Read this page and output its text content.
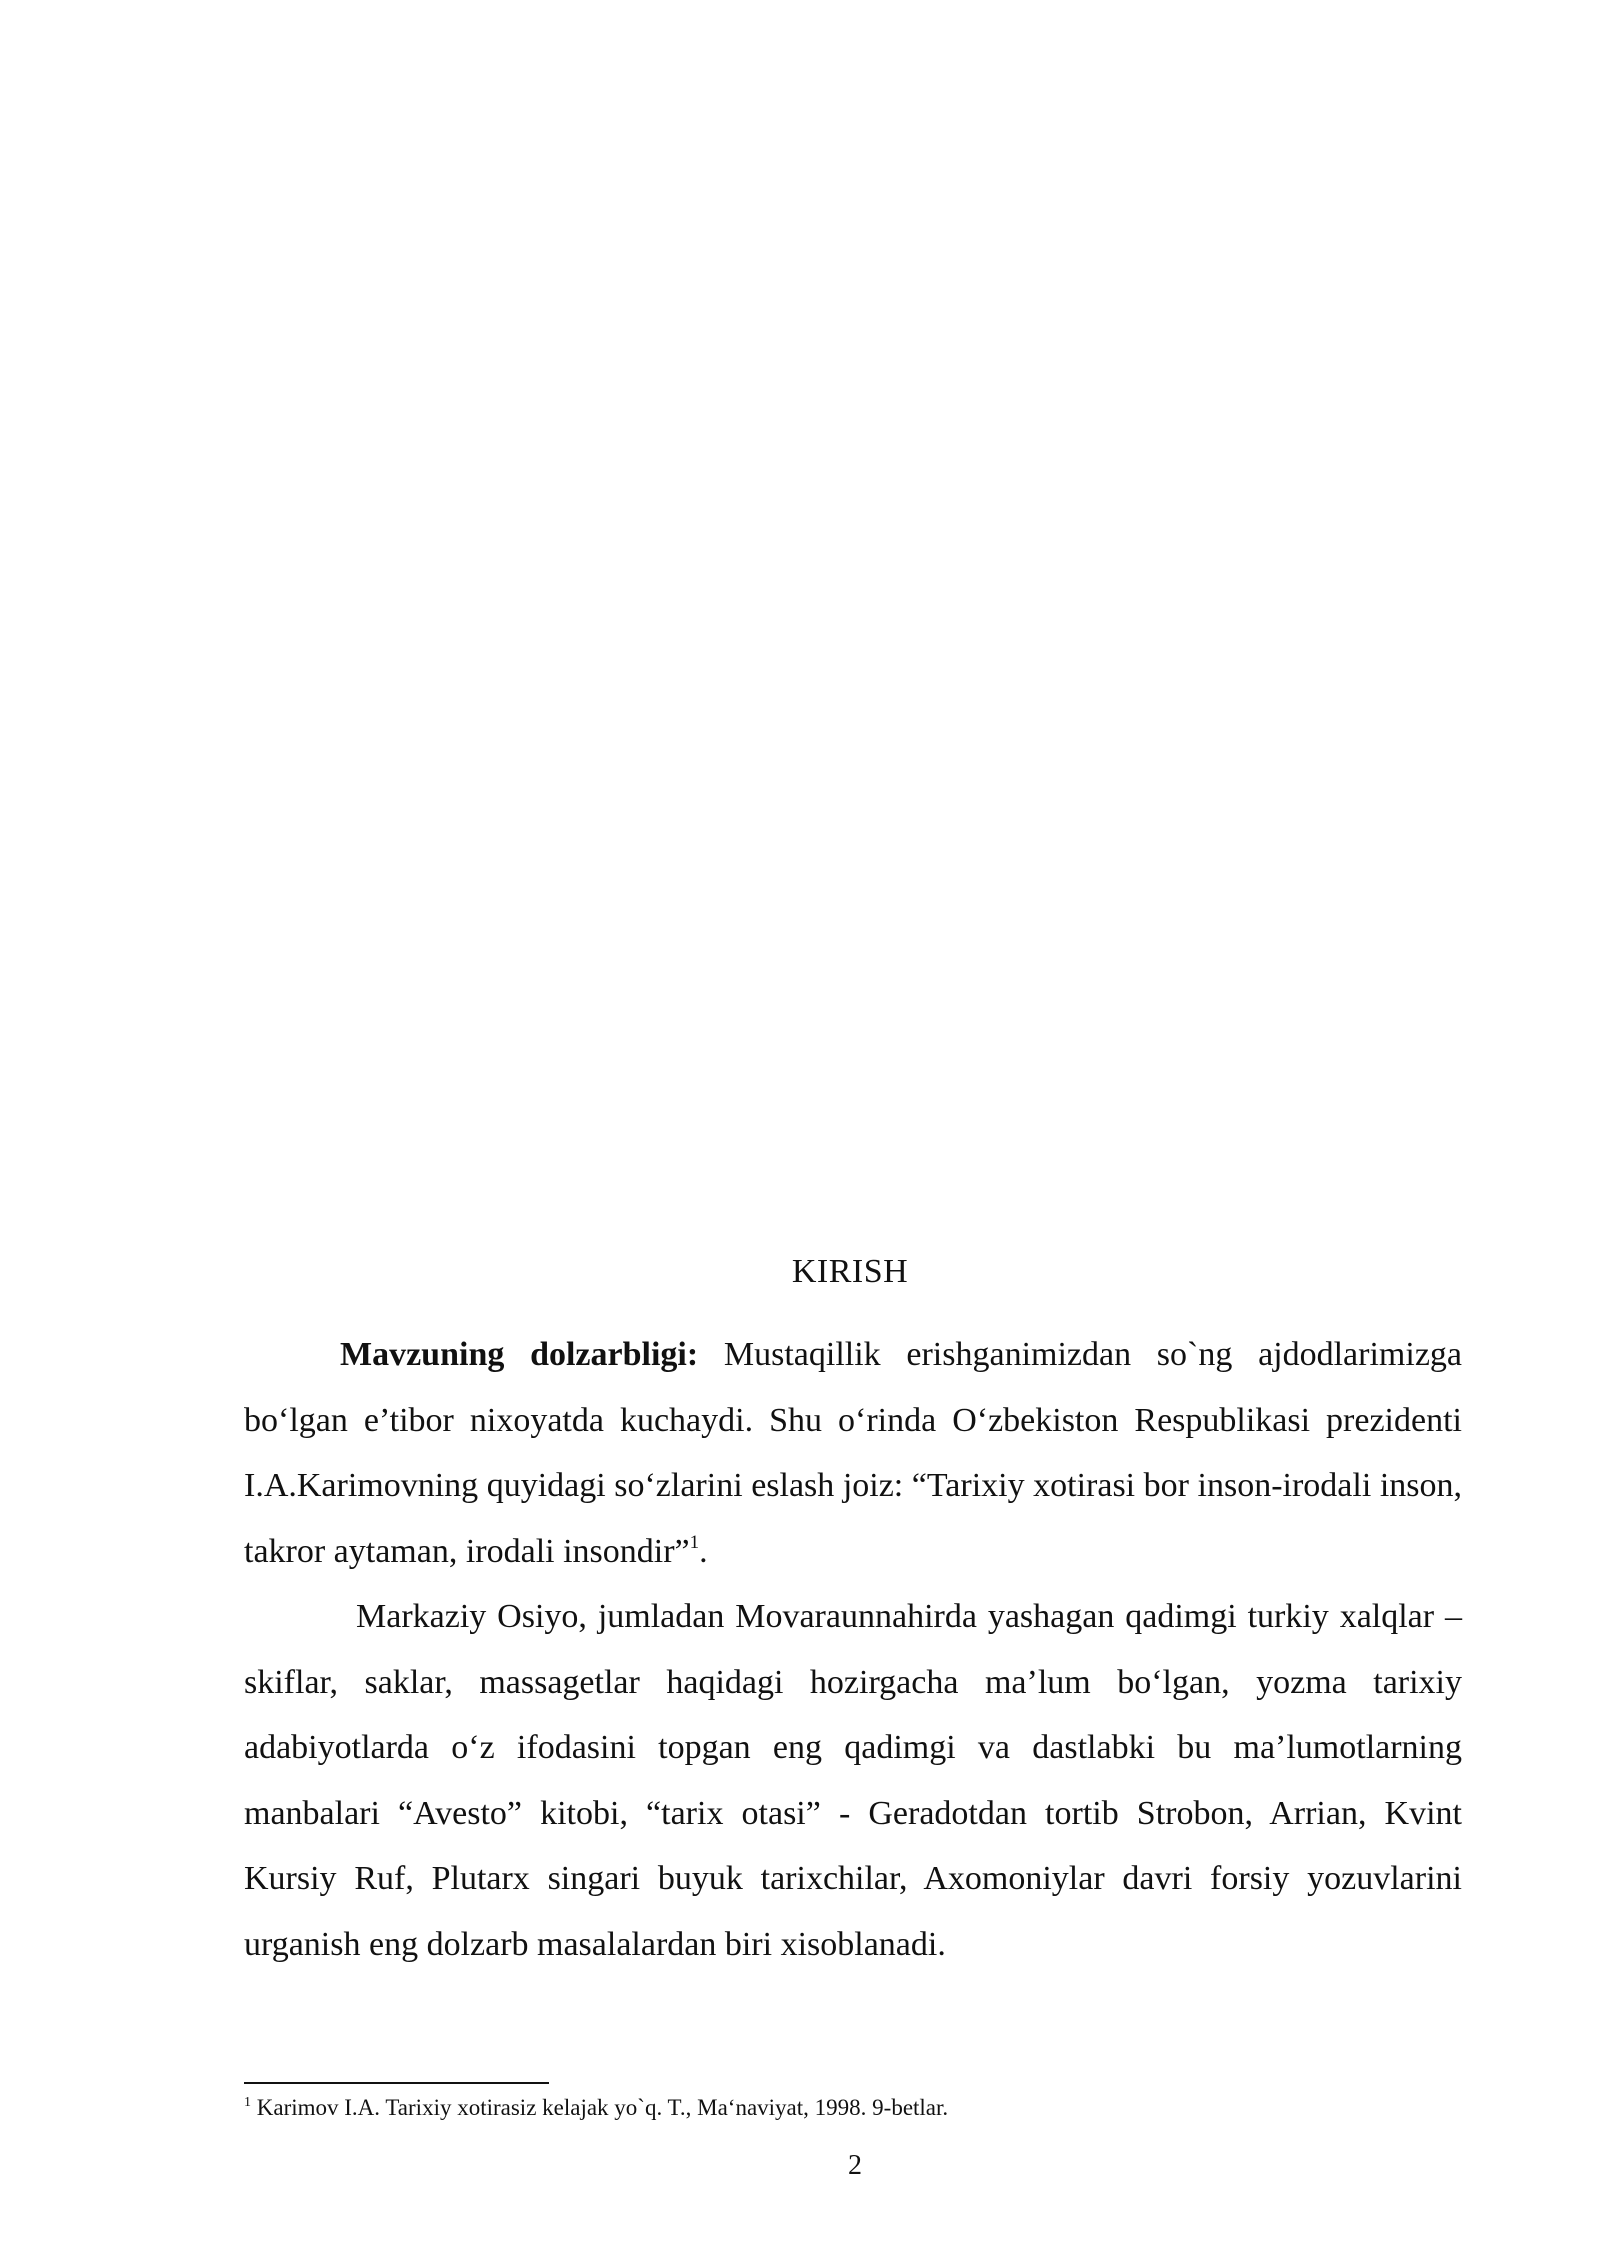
KIRISH

Mavzuning dolzarbligi: Mustaqillik erishganimizdan so`ng ajdodlarimizga bo‘lgan e’tibor nixoyatda kuchaydi. Shu o‘rinda O‘zbekiston Respublikasi prezidenti I.A.Karimovning quyidagi so‘zlarini eslash joiz: “Tarixiy xotirasi bor inson-irodali inson, takror aytaman, irodali insondir”$^1$.

Markaziy Osiyo, jumladan Movaraunnahirda yashagan qadimgi turkiy xalqlar – skiflar, saklar, massagetlar haqidagi hozirgacha ma’lum bo‘lgan, yozma tarixiy adabiyotlarda o‘z ifodasini topgan eng qadimgi va dastlabki bu ma’lumotlarning manbalari “Avesto” kitobi, “tarix otasi” - Geradotdan tortib Strobon, Arrian, Kvint Kursiy Ruf, Plutarx singari buyuk tarixchilar, Axomoniylar davri forsiy yozuvlarini urganish eng dolzarb masalalardan biri xisoblanadi.

$^1$ Karimov I.A. Tarixiy xotirasiz kelajak yo`q. T., Ma‘naviyat, 1998. 9-betlar.
2
